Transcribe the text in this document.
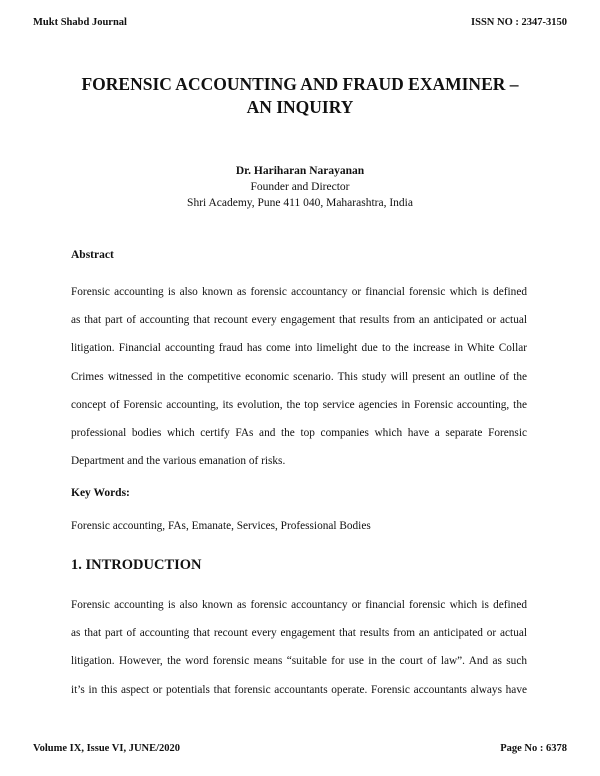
Mukt Shabd Journal	ISSN NO : 2347-3150
FORENSIC ACCOUNTING AND FRAUD EXAMINER –
AN INQUIRY
Dr. Hariharan Narayanan
Founder and Director
Shri Academy, Pune 411 040, Maharashtra, India
Abstract
Forensic accounting is also known as forensic accountancy or financial forensic which is defined
as that part of accounting that recount every engagement that results from an anticipated or actual
litigation. Financial accounting fraud has come into limelight due to the increase in White Collar
Crimes witnessed in the competitive economic scenario. This study will present an outline of the
concept of Forensic accounting, its evolution, the top service agencies in Forensic accounting, the
professional bodies which certify FAs and the top companies which have a separate Forensic
Department and the various emanation of risks.
Key Words:
Forensic accounting, FAs, Emanate, Services, Professional Bodies
1. INTRODUCTION
Forensic accounting is also known as forensic accountancy or financial forensic which is defined
as that part of accounting that recount every engagement that results from an anticipated or actual
litigation. However, the word forensic means “suitable for use in the court of law”. And as such
it’s in this aspect or potentials that forensic accountants operate. Forensic accountants always have
Volume IX, Issue VI, JUNE/2020	Page No : 6378
